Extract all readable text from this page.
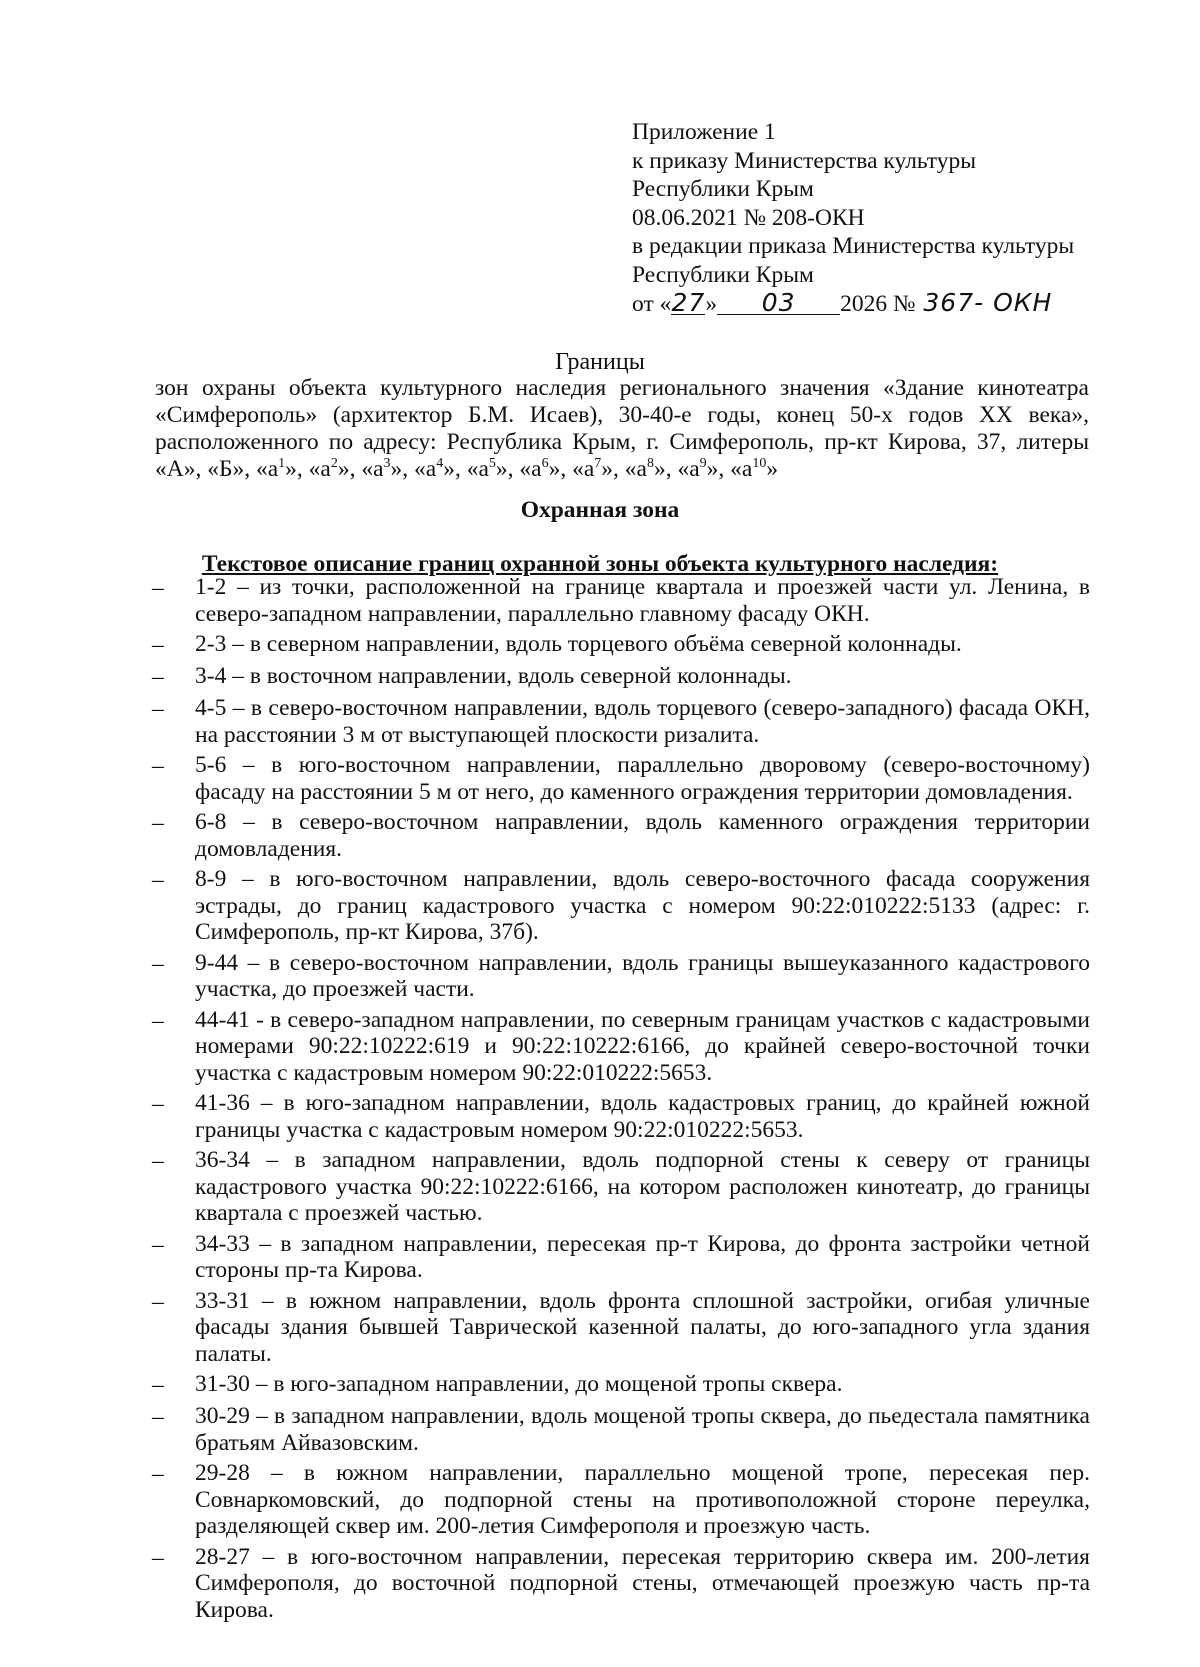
Приложение 1
к приказу Министерства культуры
Республики Крым
08.06.2021 № 208-ОКН
в редакции приказа Министерства культуры
Республики Крым
от « 27 »	03	2026 № 367- ОКН
Границы
зон охраны объекта культурного наследия регионального значения «Здание кинотеатра «Симферополь» (архитектор Б.М. Исаев), 30-40-е годы, конец 50-х годов XX века», расположенного по адресу: Республика Крым, г. Симферополь, пр-кт Кирова, 37, литеры «А», «Б», «$а^1$», «$а^2$», «$а^3$», «$а^4$», «$а^5$», «$а^6$», «$а^7$», «$а^8$», «$а^9$», «$а^{10}$»
Охранная зона
Текстовое описание границ охранной зоны объекта культурного наследия:
–	1-2 – из точки, расположенной на границе квартала и проезжей части ул. Ленина, в северо-западном направлении, параллельно главному фасаду ОКН.
–	2-3 – в северном направлении, вдоль торцевого объёма северной колоннады.
–	3-4 – в восточном направлении, вдоль северной колоннады.
–	4-5 – в северо-восточном направлении, вдоль торцевого (северо-западного) фасада ОКН, на расстоянии 3 м от выступающей плоскости ризалита.
–	5-6 – в юго-восточном направлении, параллельно дворовому (северо-восточному) фасаду на расстоянии 5 м от него, до каменного ограждения территории домовладения.
–	6-8 – в северо-восточном направлении, вдоль каменного ограждения территории домовладения.
–	8-9 – в юго-восточном направлении, вдоль северо-восточного фасада сооружения эстрады, до границ кадастрового участка с номером 90:22:010222:5133 (адрес: г. Симферополь, пр-кт Кирова, 37б).
–	9-44 – в северо-восточном направлении, вдоль границы вышеуказанного кадастрового участка, до проезжей части.
–	44-41 - в северо-западном направлении, по северным границам участков с кадастровыми номерами 90:22:10222:619 и 90:22:10222:6166, до крайней северо-восточной точки участка с кадастровым номером 90:22:010222:5653.
–	41-36 – в юго-западном направлении, вдоль кадастровых границ, до крайней южной границы участка с кадастровым номером 90:22:010222:5653.
–	36-34 – в западном направлении, вдоль подпорной стены к северу от границы кадастрового участка 90:22:10222:6166, на котором расположен кинотеатр, до границы квартала с проезжей частью.
–	34-33 – в западном направлении, пересекая пр-т Кирова, до фронта застройки четной стороны пр-та Кирова.
–	33-31 – в южном направлении, вдоль фронта сплошной застройки, огибая уличные фасады здания бывшей Таврической казенной палаты, до юго-западного угла здания палаты.
–	31-30 – в юго-западном направлении, до мощеной тропы сквера.
–	30-29 – в западном направлении, вдоль мощеной тропы сквера, до пьедестала памятника братьям Айвазовским.
–	29-28 – в южном направлении, параллельно мощеной тропе, пересекая пер. Совнаркомовский, до подпорной стены на противоположной стороне переулка, разделяющей сквер им. 200-летия Симферополя и проезжую часть.
–	28-27 – в юго-восточном направлении, пересекая территорию сквера им. 200-летия Симферополя, до восточной подпорной стены, отмечающей проезжую часть пр-та Кирова.
